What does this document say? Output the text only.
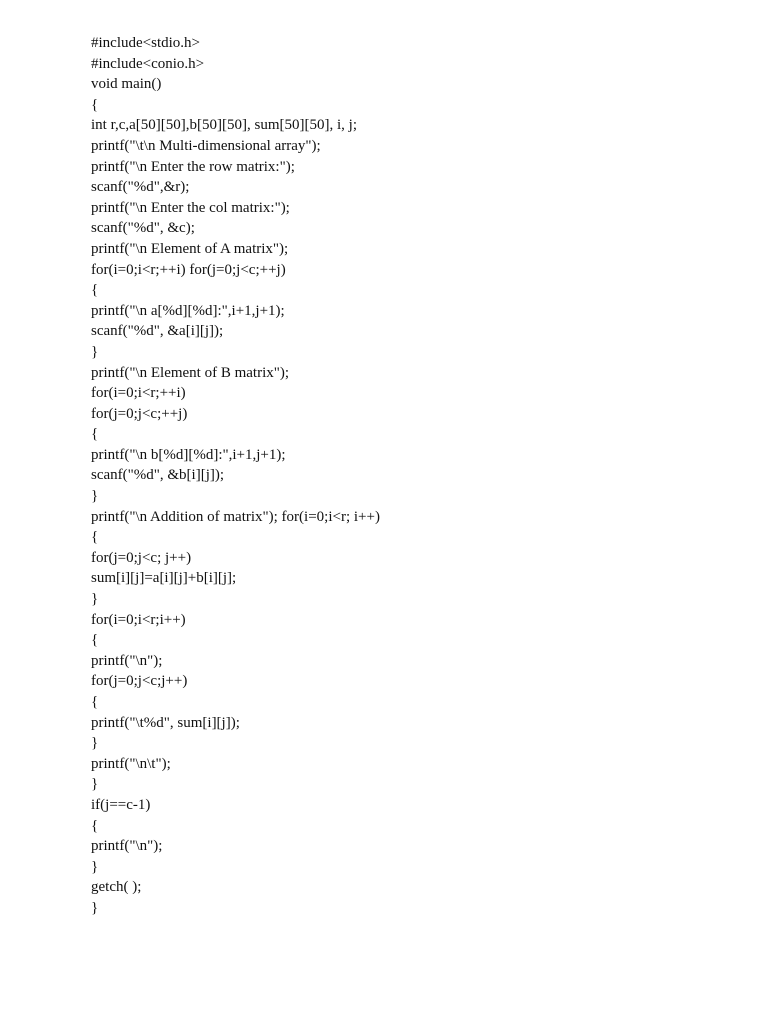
#include<stdio.h>
#include<conio.h>
void main()
{
int r,c,a[50][50],b[50][50], sum[50][50], i, j;
printf("\t\n Multi-dimensional array");
printf("\n Enter the row matrix:");
scanf("%d",&r);
printf("\n Enter the col matrix:");
scanf("%d", &c);
printf("\n Element of A matrix");
for(i=0;i<r;++i) for(j=0;j<c;++j)
{
printf("\n a[%d][%d]:",i+1,j+1);
scanf("%d", &a[i][j]);
}
printf("\n Element of B matrix");
for(i=0;i<r;++i)
for(j=0;j<c;++j)
{
printf("\n b[%d][%d]:",i+1,j+1);
scanf("%d", &b[i][j]);
}
printf("\n Addition of matrix"); for(i=0;i<r; i++)
{
for(j=0;j<c; j++)
sum[i][j]=a[i][j]+b[i][j];
}
for(i=0;i<r;i++)
{
printf("\n");
for(j=0;j<c;j++)
{
printf("\t%d", sum[i][j]);
}
printf("\n\t");
}
if(j==c-1)
{
printf("\n");
}
getch( );
}
